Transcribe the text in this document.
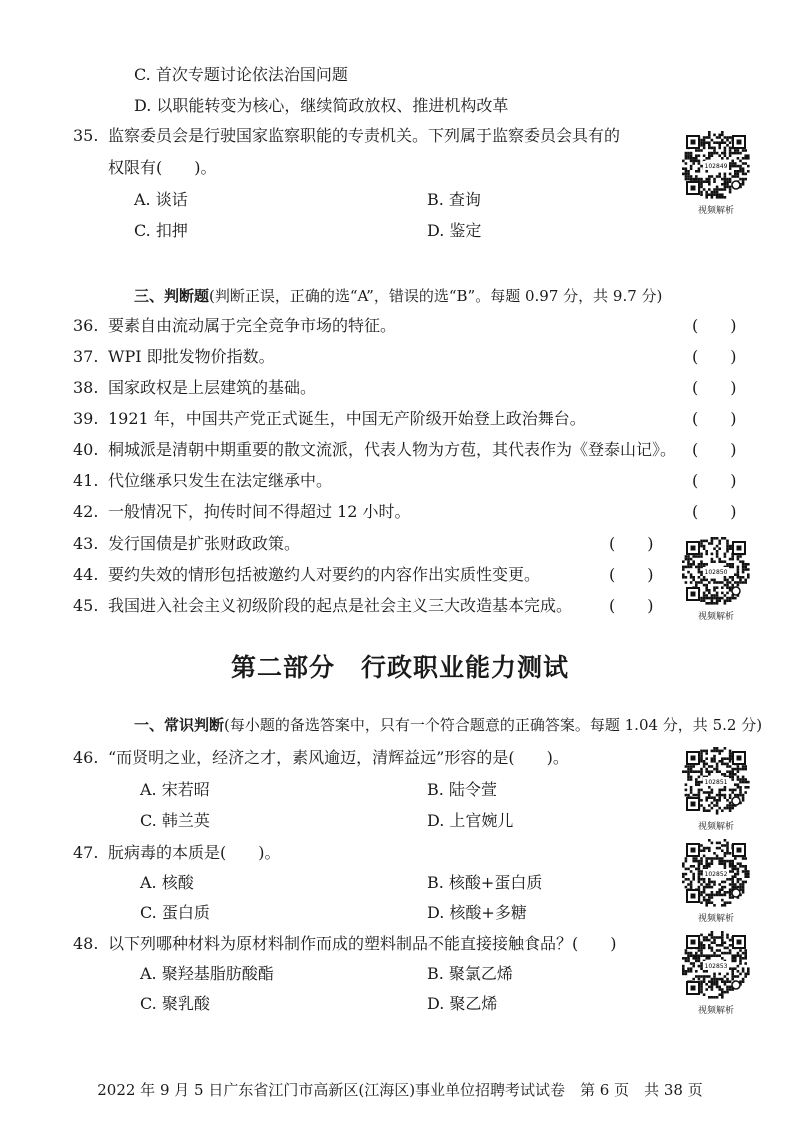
C. 首次专题讨论依法治国问题
D. 以职能转变为核心，继续简政放权、推进机构改革
35. 监察委员会是行驶国家监察职能的专责机关。下列属于监察委员会具有的
权限有(　　)。
A. 谈话	B. 查询
C. 扣押	D. 鉴定
三、判断题(判断正误，正确的选“A”，错误的选“B”。每题 0.97 分，共 9.7 分)
36. 要素自由流动属于完全竞争市场的特征。	(　　)
37. WPI 即批发物价指数。	(　　)
38. 国家政权是上层建筑的基础。	(　　)
39. 1921 年，中国共产党正式诞生，中国无产阶级开始登上政治舞台。	(　　)
40. 桐城派是清朝中期重要的散文流派，代表人物为方苞，其代表作为《登泰山记》。 (　　)
41. 代位继承只发生在法定继承中。	(　　)
42. 一般情况下，拘传时间不得超过 12 小时。	(　　)
43. 发行国债是扩张财政政策。	(　　)
44. 要约失效的情形包括被邀约人对要约的内容作出实质性变更。	(　　)
45. 我国进入社会主义初级阶段的起点是社会主义三大改造基本完成。 (　　)
第二部分　行政职业能力测试
一、常识判断(每小题的备选答案中，只有一个符合题意的正确答案。每题 1.04 分，共 5.2 分)
46. “而贤明之业，经济之才，素风逾迈，清辉益远”形容的是(　　)。
A. 宋若昭	B. 陆令萱
C. 韩兰英	D. 上官婉儿
47. 朊病毒的本质是(　　)。
A. 核酸	B. 核酸+蛋白质
C. 蛋白质	D. 核酸+多糖
48. 以下列哪种材料为原材料制作而成的塑料制品不能直接接触食品？(　　)
A. 聚羟基脂肪酸酯	B. 聚氯乙烯
C. 聚乳酸	D. 聚乙烯
102849
视频解析
102850
视频解析
102851
视频解析
102852
视频解析
102853
视频解析
2022 年 9 月 5 日广东省江门市高新区(江海区)事业单位招聘考试试卷　第 6 页　共 38 页
